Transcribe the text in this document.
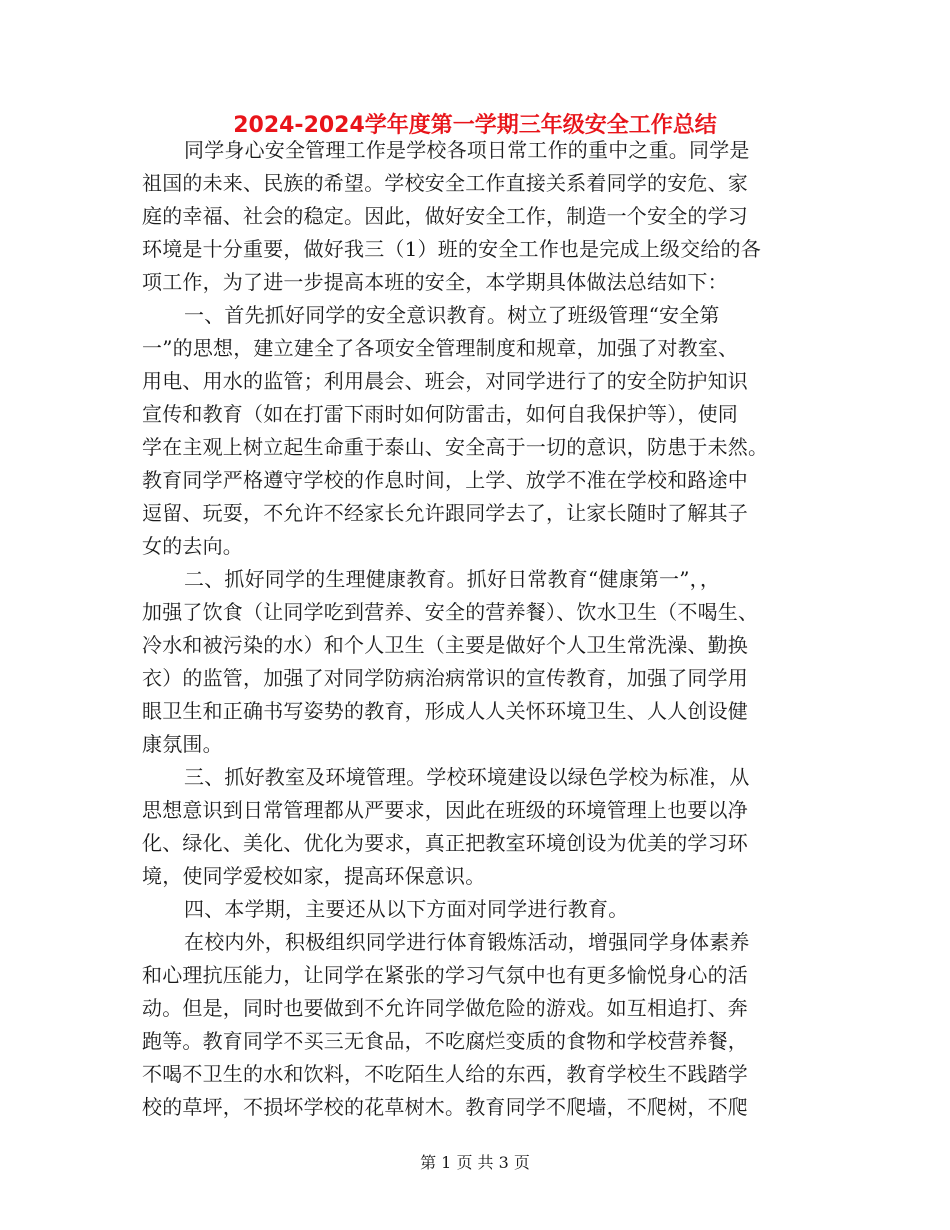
2024-2024学年度第一学期三年级安全工作总结
同学身心安全管理工作是学校各项日常工作的重中之重。同学是
祖国的未来、民族的希望。学校安全工作直接关系着同学的安危、家
庭的幸福、社会的稳定。因此，做好安全工作，制造一个安全的学习
环境是十分重要，做好我三（1）班的安全工作也是完成上级交给的各
项工作，为了进一步提高本班的安全，本学期具体做法总结如下：
一、首先抓好同学的安全意识教育。树立了班级管理“安全第
一”的思想，建立建全了各项安全管理制度和规章，加强了对教室、
用电、用水的监管；利用晨会、班会，对同学进行了的安全防护知识
宣传和教育（如在打雷下雨时如何防雷击，如何自我保护等），使同
学在主观上树立起生命重于泰山、安全高于一切的意识，防患于未然。
教育同学严格遵守学校的作息时间，上学、放学不准在学校和路途中
逗留、玩耍，不允许不经家长允许跟同学去了，让家长随时了解其子
女的去向。
二、抓好同学的生理健康教育。抓好日常教育“健康第一”，，
加强了饮食（让同学吃到营养、安全的营养餐）、饮水卫生（不喝生、
冷水和被污染的水）和个人卫生（主要是做好个人卫生常洗澡、勤换
衣）的监管，加强了对同学防病治病常识的宣传教育，加强了同学用
眼卫生和正确书写姿势的教育，形成人人关怀环境卫生、人人创设健
康氛围。
三、抓好教室及环境管理。学校环境建设以绿色学校为标准，从
思想意识到日常管理都从严要求，因此在班级的环境管理上也要以净
化、绿化、美化、优化为要求，真正把教室环境创设为优美的学习环
境，使同学爱校如家，提高环保意识。
四、本学期，主要还从以下方面对同学进行教育。
在校内外，积极组织同学进行体育锻炼活动，增强同学身体素养
和心理抗压能力，让同学在紧张的学习气氛中也有更多愉悦身心的活
动。但是，同时也要做到不允许同学做危险的游戏。如互相追打、奔
跑等。教育同学不买三无食品，不吃腐烂变质的食物和学校营养餐，
不喝不卫生的水和饮料，不吃陌生人给的东西，教育学校生不践踏学
校的草坪，不损坏学校的花草树木。教育同学不爬墙，不爬树，不爬
第 1 页 共 3 页
